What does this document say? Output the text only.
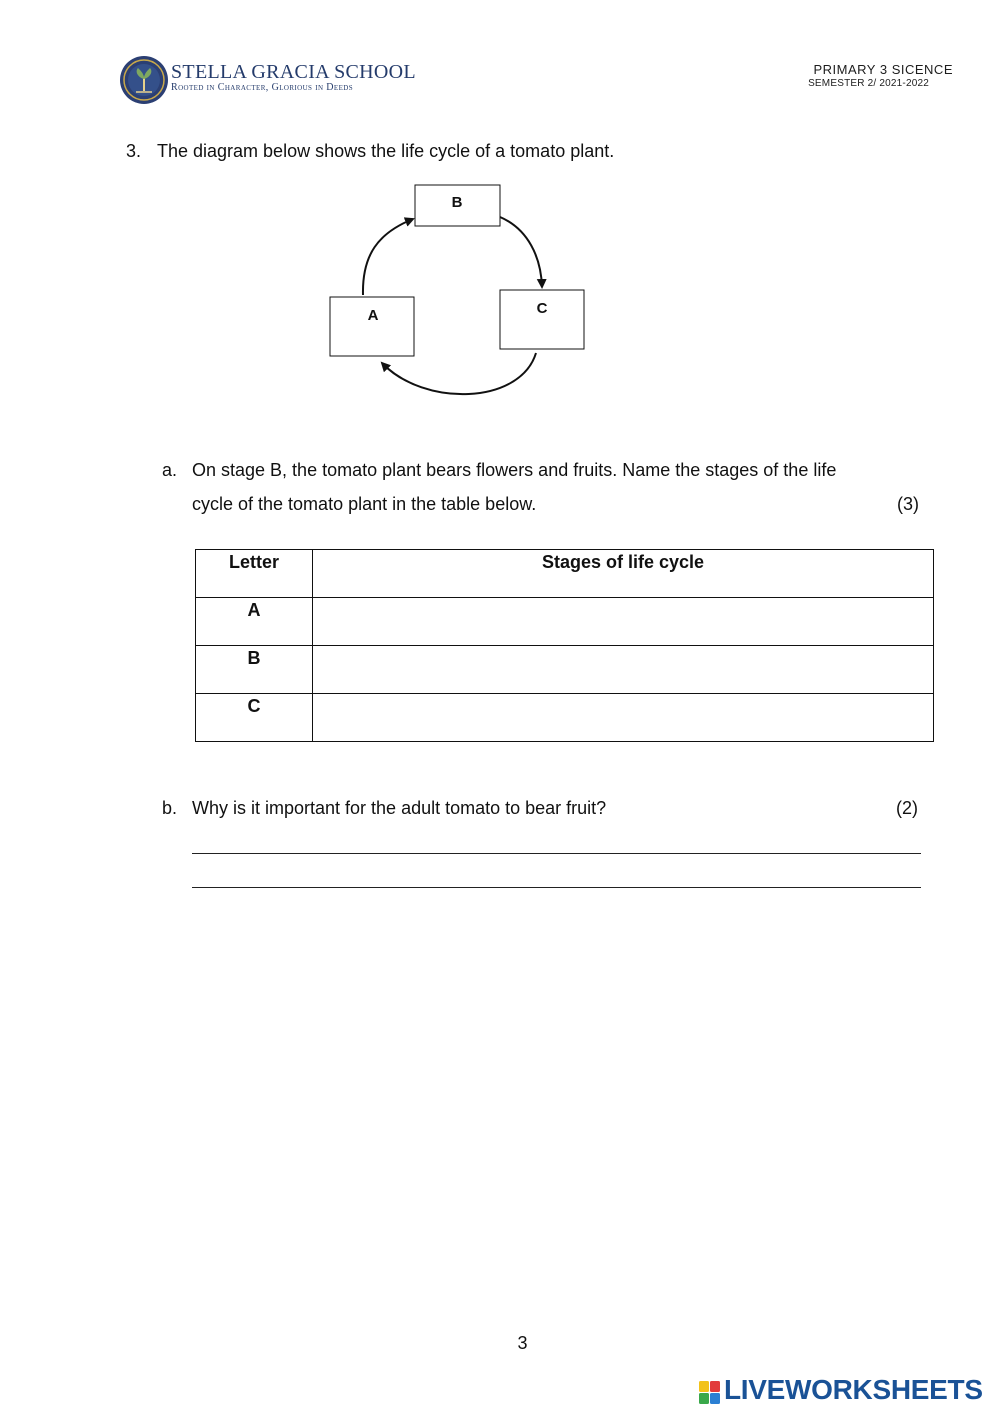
STELLA GRACIA SCHOOL
Rooted in Character, Glorious in Deeds
PRIMARY 3 SICENCE
SEMESTER 2/ 2021-2022
3. The diagram below shows the life cycle of a tomato plant.
B
C
A
a. On stage B, the tomato plant bears flowers and fruits. Name the stages of the life
cycle of the tomato plant in the table below.	(3)
Letter	Stages of life cycle

A	

B	

C	

b. Why is it important for the adult tomato to bear fruit?	(2)
3
LIVEWORKSHEETS
